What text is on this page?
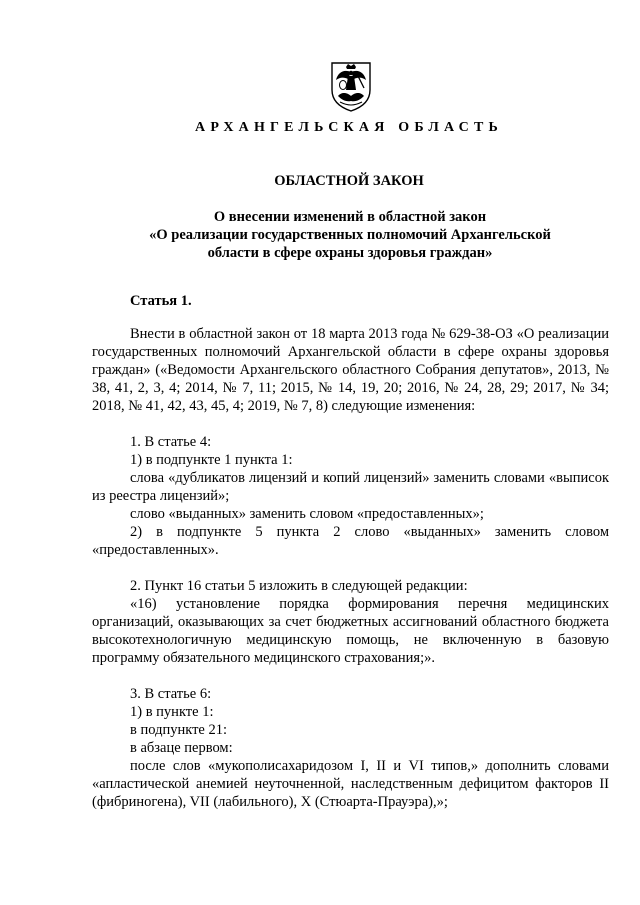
АРХАНГЕЛЬСКАЯ ОБЛАСТЬ
ОБЛАСТНОЙ ЗАКОН
О внесении изменений в областной закон
«О реализации государственных полномочий Архангельской
области в сфере охраны здоровья граждан»
Статья 1.

Внести в областной закон от 18 марта 2013 года № 629-38-ОЗ «О реализации государственных полномочий Архангельской области в сфере охраны здоровья граждан» («Ведомости Архангельского областного Собрания депутатов», 2013, № 38, 41, 2, 3, 4; 2014, № 7, 11; 2015, № 14, 19, 20; 2016, № 24, 28, 29; 2017, № 34; 2018, № 41, 42, 43, 45, 4; 2019, № 7, 8) следующие изменения:

1. В статье 4:

1) в подпункте 1 пункта 1:

слова «дубликатов лицензий и копий лицензий» заменить словами «выписок из реестра лицензий»;

слово «выданных» заменить словом «предоставленных»;

2) в подпункте 5 пункта 2 слово «выданных» заменить словом «предоставленных».

2. Пункт 16 статьи 5 изложить в следующей редакции:

«16) установление порядка формирования перечня медицинских организаций, оказывающих за счет бюджетных ассигнований областного бюджета высокотехнологичную медицинскую помощь, не включенную в базовую программу обязательного медицинского страхования;».

3. В статье 6:

1) в пункте 1:

в подпункте 21:

в абзаце первом:

после слов «мукополисахаридозом I, II и VI типов,» дополнить словами «апластической анемией неуточненной, наследственным дефицитом факторов II (фибриногена), VII (лабильного), X (Стюарта-Прауэра),»;
